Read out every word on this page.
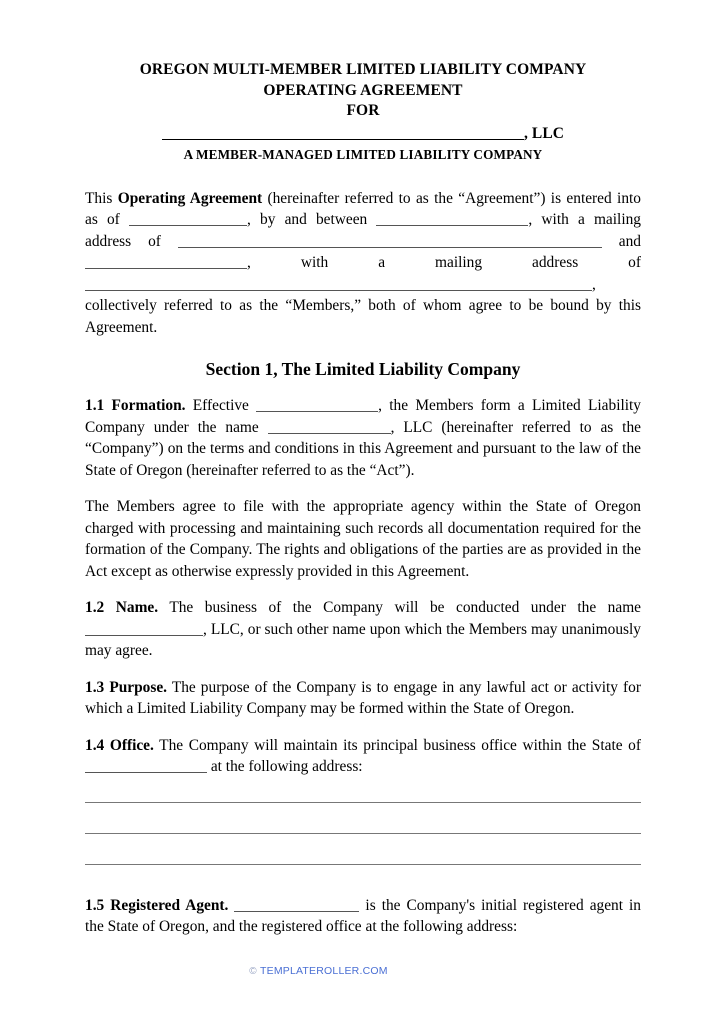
OREGON MULTI-MEMBER LIMITED LIABILITY COMPANY
OPERATING AGREEMENT
FOR
, LLC
A MEMBER-MANAGED LIMITED LIABILITY COMPANY

This Operating Agreement (hereinafter referred to as the “Agreement”) is entered into as of	, by and between	, with a mailing address of	and , with a mailing address of , collectively referred to as the “Members,” both of whom agree to be bound by this Agreement.

Section 1, The Limited Liability Company

1.1 Formation. Effective	, the Members form a Limited Liability Company under the name	, LLC (hereinafter referred to as the “Company”) on the terms and conditions in this Agreement and pursuant to the law of the State of Oregon (hereinafter referred to as the “Act”).

The Members agree to file with the appropriate agency within the State of Oregon charged with processing and maintaining such records all documentation required for the formation of the Company. The rights and obligations of the parties are as provided in the Act except as otherwise expressly provided in this Agreement.

1.2 Name. The business of the Company will be conducted under the name , LLC, or such other name upon which the Members may unanimously may agree.

1.3 Purpose. The purpose of the Company is to engage in any lawful act or activity for which a Limited Liability Company may be formed within the State of Oregon.

1.4 Office. The Company will maintain its principal business office within the State of  at the following address:

1.5 Registered Agent.	is the Company's initial registered agent in the State of Oregon, and the registered office at the following address:

© TEMPLATEROLLER.COM
